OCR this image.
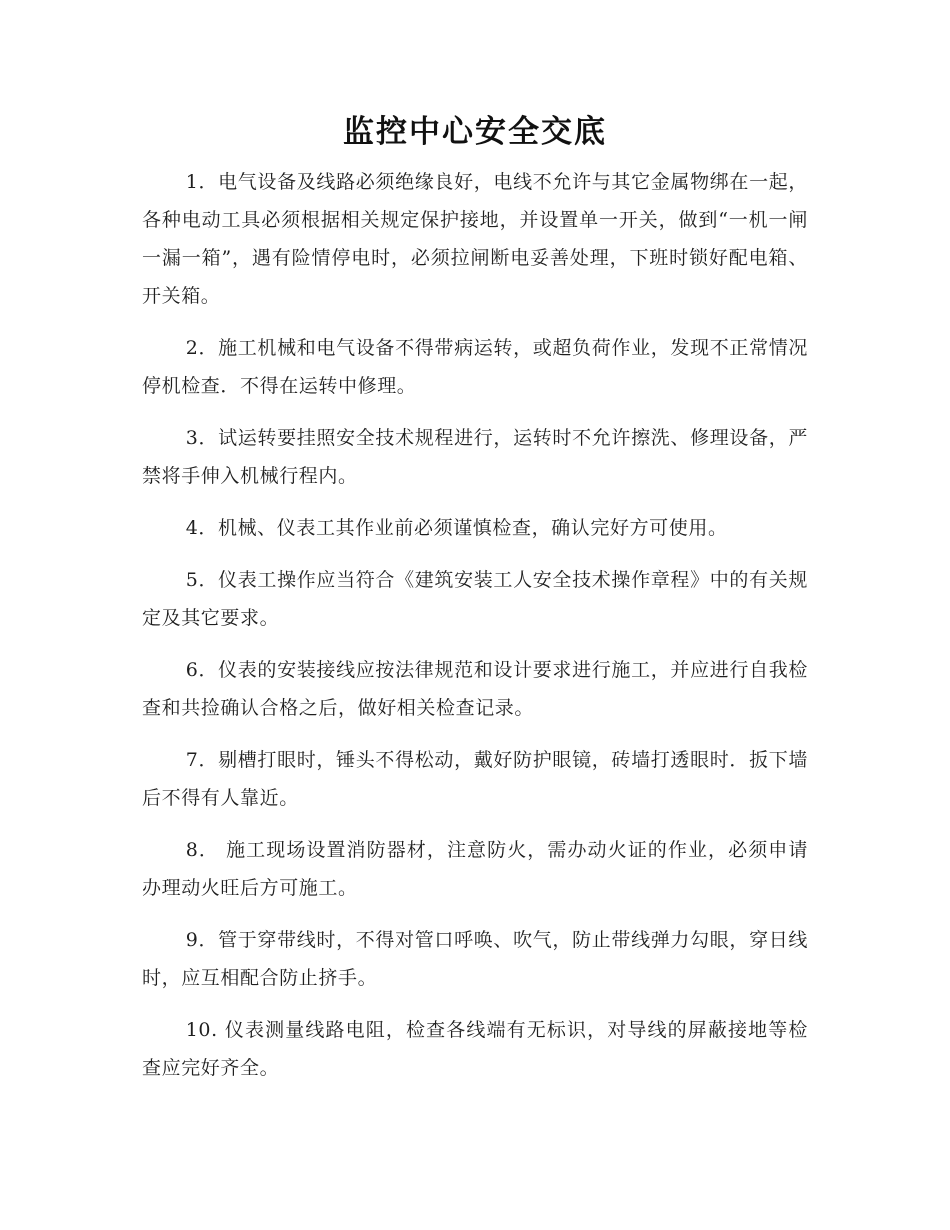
监控中心安全交底

1．电气设备及线路必须绝缘良好，电线不允许与其它金属物绑在一起，各种电动工具必须根据相关规定保护接地，并设置单一开关，做到“一机一闸一漏一箱”，遇有险情停电时，必须拉闸断电妥善处理，下班时锁好配电箱、开关箱。

2．施工机械和电气设备不得带病运转，或超负荷作业，发现不正常情况停机检查．不得在运转中修理。

3．试运转要挂照安全技术规程进行，运转时不允许擦洗、修理设备，严禁将手伸入机械行程内。

4．机械、仪表工其作业前必须谨慎检查，确认完好方可使用。

5．仪表工操作应当符合《建筑安装工人安全技术操作章程》中的有关规定及其它要求。

6．仪表的安装接线应按法律规范和设计要求进行施工，并应进行自我检查和共捡确认合格之后，做好相关检查记录。

7．剔槽打眼时，锤头不得松动，戴好防护眼镜，砖墙打透眼时．扳下墙后不得有人靠近。

8． 施工现场设置消防器材，注意防火，需办动火证的作业，必须申请办理动火旺后方可施工。

9．管于穿带线时，不得对管口呼唤、吹气，防止带线弹力勾眼，穿日线时，应互相配合防止挤手。

10. 仪表测量线路电阻，检查各线端有无标识，对导线的屏蔽接地等检查应完好齐全。
